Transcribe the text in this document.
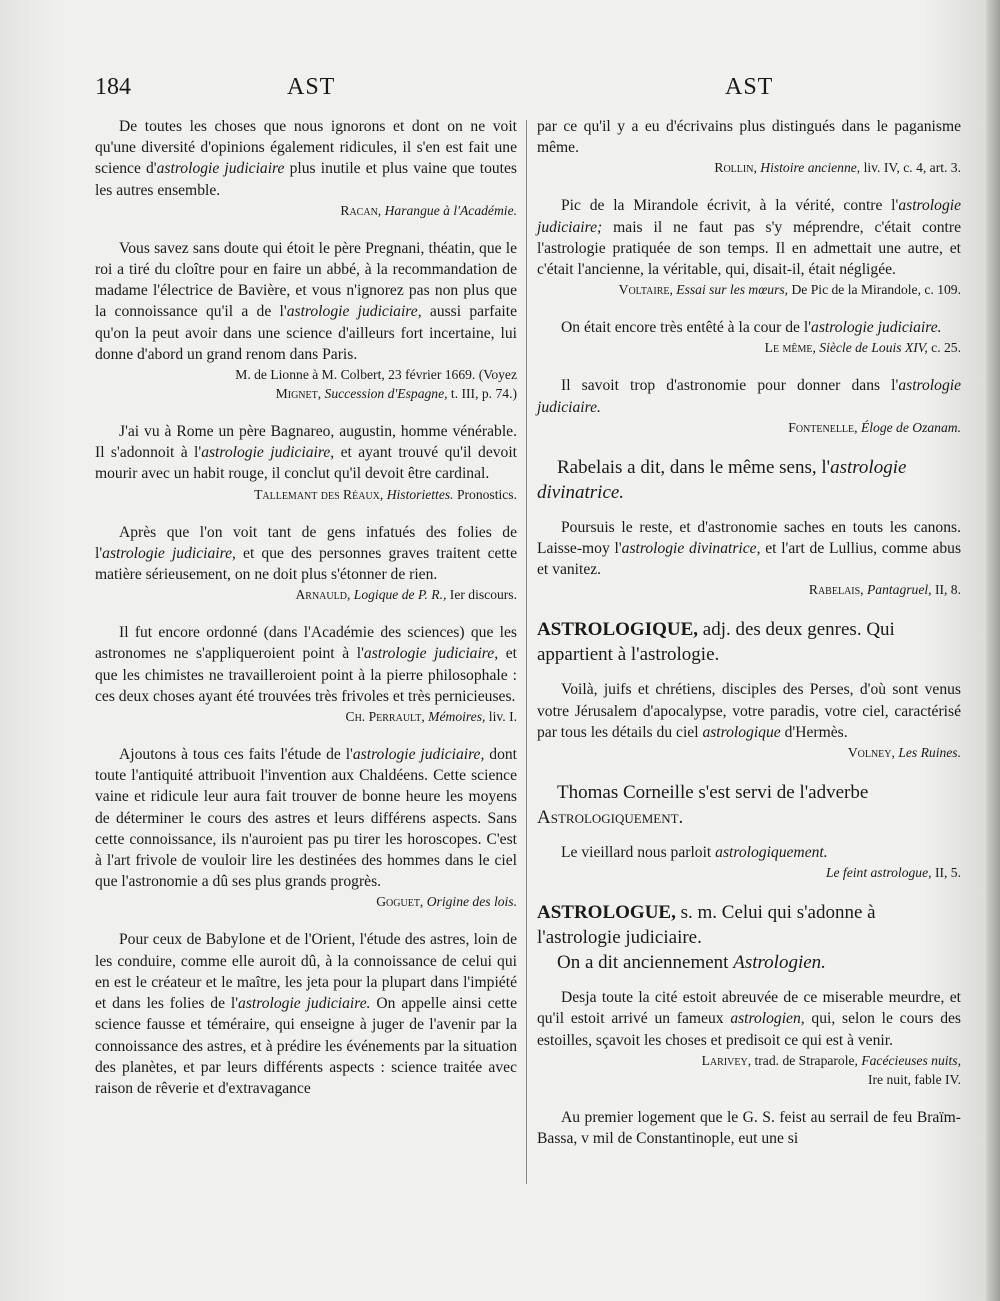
184	AST	AST

De toutes les choses que nous ignorons et dont on ne voit qu'une diversité d'opinions également ridicules, il s'en est fait une science d'astrologie judiciaire plus inutile et plus vaine que toutes les autres ensemble.

Racan, Harangue à l'Académie.

Vous savez sans doute qui étoit le père Pregnani, théatin, que le roi a tiré du cloître pour en faire un abbé, à la recommandation de madame l'électrice de Bavière, et vous n'ignorez pas non plus que la connoissance qu'il a de l'astrologie judiciaire, aussi parfaite qu'on la peut avoir dans une science d'ailleurs fort incertaine, lui donne d'abord un grand renom dans Paris.

M. de Lionne à M. Colbert, 23 février 1669. (Voyez
Mignet, Succession d'Espagne, t. III, p. 74.)

J'ai vu à Rome un père Bagnareo, augustin, homme vénérable. Il s'adonnoit à l'astrologie judiciaire, et ayant trouvé qu'il devoit mourir avec un habit rouge, il conclut qu'il devoit être cardinal.

Tallemant des Réaux, Historiettes. Pronostics.

Après que l'on voit tant de gens infatués des folies de l'astrologie judiciaire, et que des personnes graves traitent cette matière sérieusement, on ne doit plus s'étonner de rien.

Arnauld, Logique de P. R., Ier discours.

Il fut encore ordonné (dans l'Académie des sciences) que les astronomes ne s'appliqueroient point à l'astrologie judiciaire, et que les chimistes ne travailleroient point à la pierre philosophale : ces deux choses ayant été trouvées très frivoles et très pernicieuses.

Ch. Perrault, Mémoires, liv. I.

Ajoutons à tous ces faits l'étude de l'astrologie judiciaire, dont toute l'antiquité attribuoit l'invention aux Chaldéens. Cette science vaine et ridicule leur aura fait trouver de bonne heure les moyens de déterminer le cours des astres et leurs différens aspects. Sans cette connoissance, ils n'auroient pas pu tirer les horoscopes. C'est à l'art frivole de vouloir lire les destinées des hommes dans le ciel que l'astronomie a dû ses plus grands progrès.

Goguet, Origine des lois.

Pour ceux de Babylone et de l'Orient, l'étude des astres, loin de les conduire, comme elle auroit dû, à la connoissance de celui qui en est le créateur et le maître, les jeta pour la plupart dans l'impiété et dans les folies de l'astrologie judiciaire. On appelle ainsi cette science fausse et téméraire, qui enseigne à juger de l'avenir par la connoissance des astres, et à prédire les événements par la situation des planètes, et par leurs différents aspects : science traitée avec raison de rêverie et d'extravagance

par ce qu'il y a eu d'écrivains plus distingués dans le paganisme même.

Rollin, Histoire ancienne, liv. IV, c. 4, art. 3.

Pic de la Mirandole écrivit, à la vérité, contre l'astrologie judiciaire; mais il ne faut pas s'y méprendre, c'était contre l'astrologie pratiquée de son temps. Il en admettait une autre, et c'était l'ancienne, la véritable, qui, disait-il, était négligée.

Voltaire, Essai sur les mœurs, De Pic de la Mirandole, c. 109.

On était encore très entêté à la cour de l'astrologie judiciaire.

Le même, Siècle de Louis XIV, c. 25.

Il savoit trop d'astronomie pour donner dans l'astrologie judiciaire.

Fontenelle, Éloge de Ozanam.

Rabelais a dit, dans le même sens, l'astrologie divinatrice.

Poursuis le reste, et d'astronomie saches en touts les canons. Laisse-moy l'astrologie divinatrice, et l'art de Lullius, comme abus et vanitez.

Rabelais, Pantagruel, II, 8.

ASTROLOGIQUE, adj. des deux genres. Qui appartient à l'astrologie.

Voilà, juifs et chrétiens, disciples des Perses, d'où sont venus votre Jérusalem d'apocalypse, votre paradis, votre ciel, caractérisé par tous les détails du ciel astrologique d'Hermès.

Volney, Les Ruines.

Thomas Corneille s'est servi de l'adverbe Astrologiquement.

Le vieillard nous parloit astrologiquement.

Le feint astrologue, II, 5.

ASTROLOGUE, s. m. Celui qui s'adonne à l'astrologie judiciaire.

On a dit anciennement Astrologien.

Desja toute la cité estoit abreuvée de ce miserable meurdre, et qu'il estoit arrivé un fameux astrologien, qui, selon le cours des estoilles, sçavoit les choses et predisoit ce qui est à venir.

Larivey, trad. de Straparole, Facécieuses nuits,
Ire nuit, fable IV.

Au premier logement que le G. S. feist au serrail de feu Braïm-Bassa, v mil de Constantinople, eut une si
